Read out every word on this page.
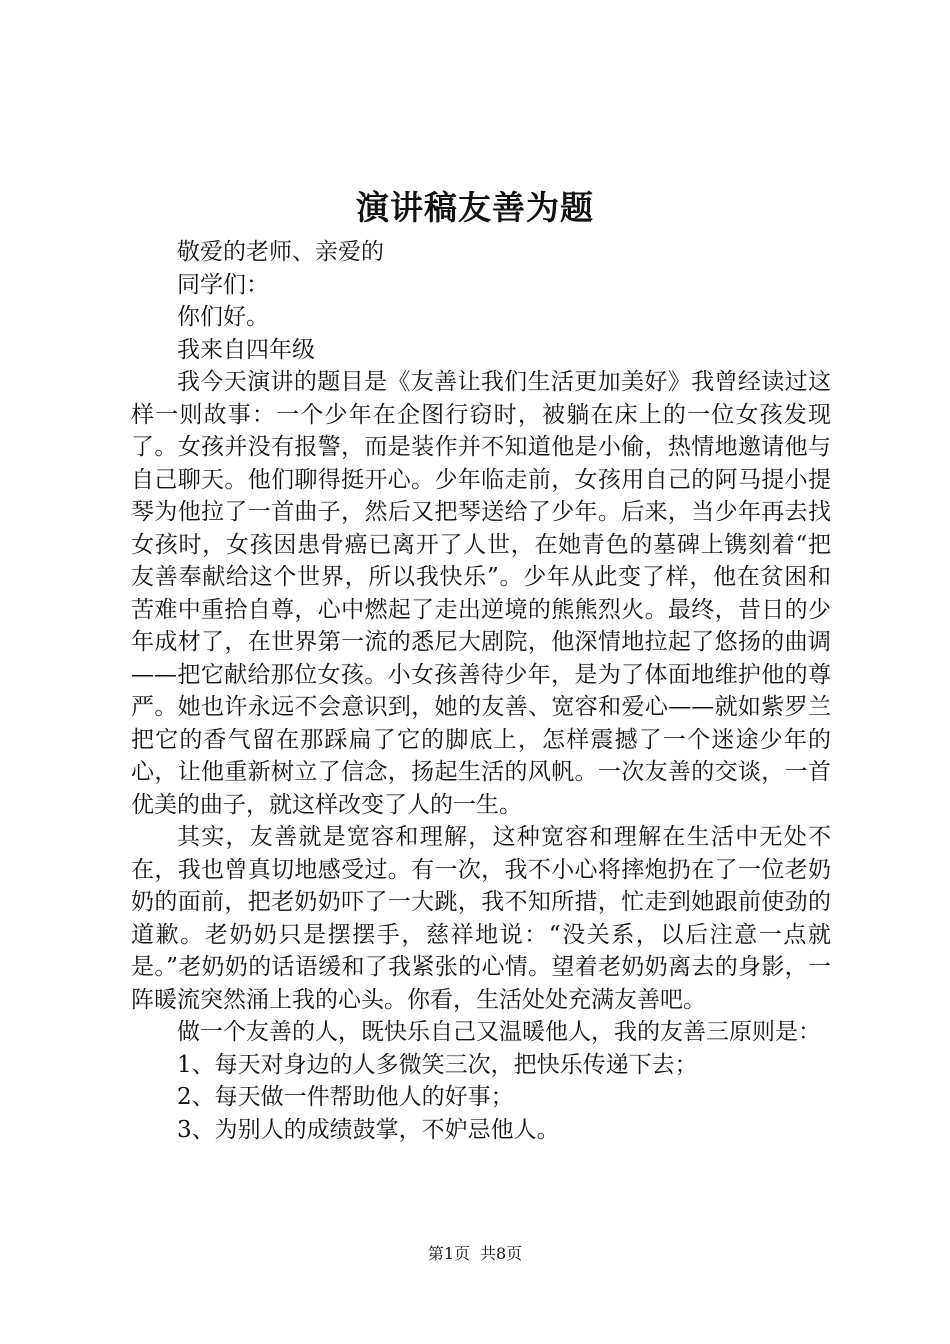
演讲稿友善为题

敬爱的老师、亲爱的

同学们：

你们好。

我来自四年级

我今天演讲的题目是《友善让我们生活更加美好》我曾经读过这样一则故事：一个少年在企图行窃时，被躺在床上的一位女孩发现了。女孩并没有报警，而是装作并不知道他是小偷，热情地邀请他与自己聊天。他们聊得挺开心。少年临走前，女孩用自己的阿马提小提琴为他拉了一首曲子，然后又把琴送给了少年。后来，当少年再去找女孩时，女孩因患骨癌已离开了人世，在她青色的墓碑上镌刻着“把友善奉献给这个世界，所以我快乐”。少年从此变了样，他在贫困和苦难中重拾自尊，心中燃起了走出逆境的熊熊烈火。最终，昔日的少年成材了，在世界第一流的悉尼大剧院，他深情地拉起了悠扬的曲调——把它献给那位女孩。小女孩善待少年，是为了体面地维护他的尊严。她也许永远不会意识到，她的友善、宽容和爱心——就如紫罗兰把它的香气留在那踩扁了它的脚底上，怎样震撼了一个迷途少年的心，让他重新树立了信念，扬起生活的风帆。一次友善的交谈，一首优美的曲子，就这样改变了人的一生。

其实，友善就是宽容和理解，这种宽容和理解在生活中无处不在，我也曾真切地感受过。有一次，我不小心将摔炮扔在了一位老奶奶的面前，把老奶奶吓了一大跳，我不知所措，忙走到她跟前使劲的道歉。老奶奶只是摆摆手，慈祥地说：“没关系，以后注意一点就是。”老奶奶的话语缓和了我紧张的心情。望着老奶奶离去的身影，一阵暖流突然涌上我的心头。你看，生活处处充满友善吧。

做一个友善的人，既快乐自己又温暖他人，我的友善三原则是：

1、每天对身边的人多微笑三次，把快乐传递下去；

2、每天做一件帮助他人的好事；

3、为别人的成绩鼓掌，不妒忌他人。

第1页 共8页
